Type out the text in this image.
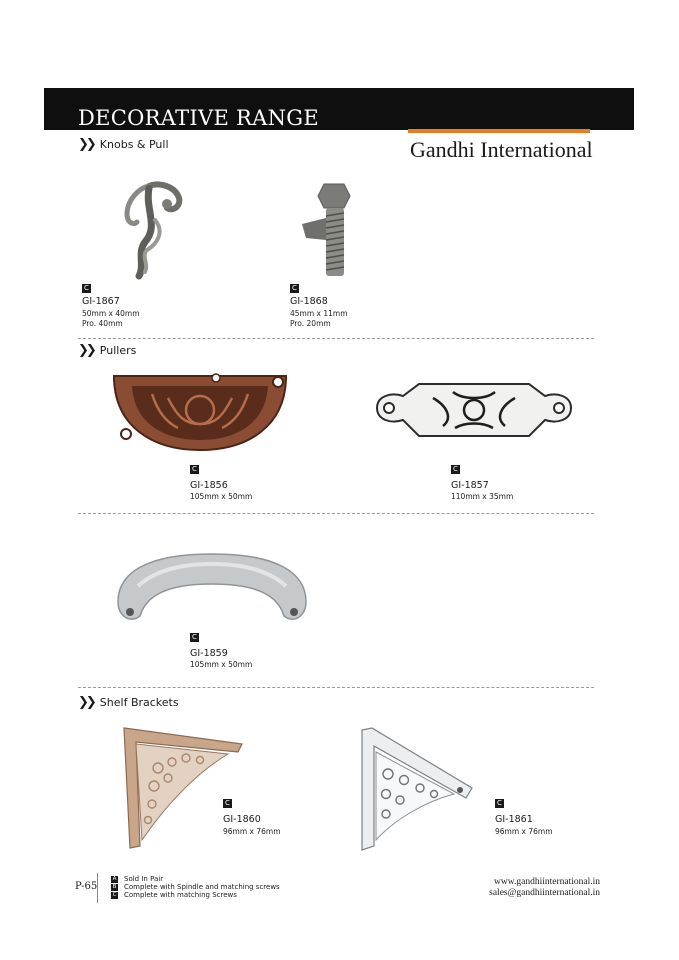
DECORATIVE RANGE
Gandhi International
❯❯ Knobs & Pull
C
GI-1867
50mm x 40mm
Pro. 40mm
C
GI-1868
45mm x 11mm
Pro. 20mm
❯❯ Pullers
C
GI-1856
105mm x 50mm
C
GI-1857
110mm x 35mm
C
GI-1859
105mm x 50mm
❯❯ Shelf Brackets
C
GI-1860
96mm x 76mm
C
GI-1861
96mm x 76mm
P-65
A Sold In Pair
B Complete with Spindle and matching screws
C Complete with matching Screws
www.gandhiinternational.in
sales@gandhiinternational.in
